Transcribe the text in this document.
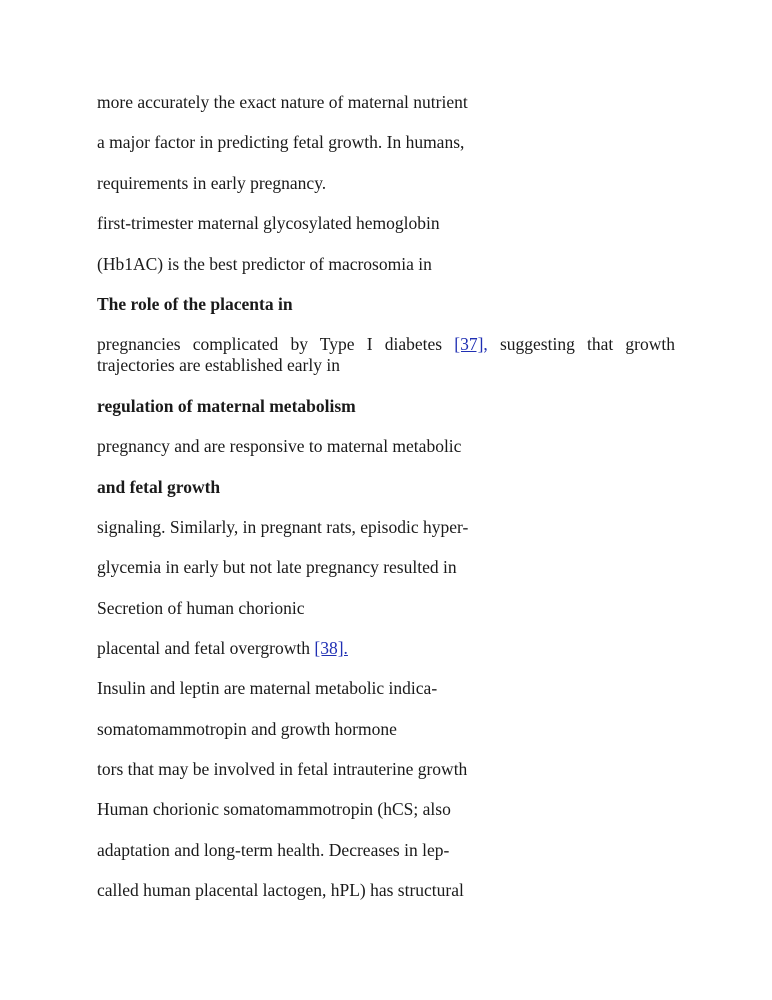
more accurately the exact nature of maternal nutrient
a major factor in predicting fetal growth. In humans,
requirements in early pregnancy.
first-trimester maternal glycosylated hemoglobin
(Hb1AC) is the best predictor of macrosomia in
The role of the placenta in
pregnancies complicated by Type I diabetes [37], suggesting that growth trajectories are established early in
regulation of maternal metabolism
pregnancy and are responsive to maternal metabolic
and fetal growth
signaling. Similarly, in pregnant rats, episodic hyper-
glycemia in early but not late pregnancy resulted in
Secretion of human chorionic
placental and fetal overgrowth [38].
Insulin and leptin are maternal metabolic indica-
somatomammotropin and growth hormone
tors that may be involved in fetal intrauterine growth
Human chorionic somatomammotropin (hCS; also
adaptation and long-term health. Decreases in lep-
called human placental lactogen, hPL) has structural
